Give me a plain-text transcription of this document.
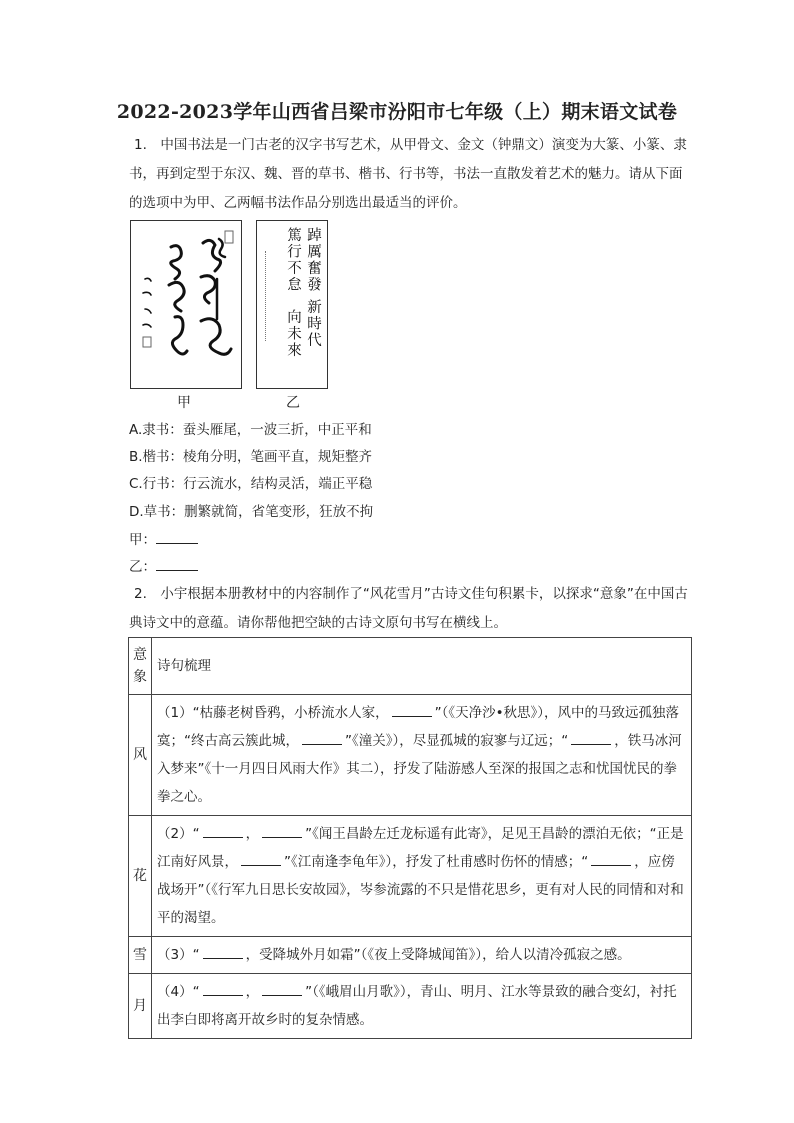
2022-2023学年山西省吕梁市汾阳市七年级（上）期末语文试卷
1.　中国书法是一门古老的汉字书写艺术，从甲骨文、金文（钟鼎文）演变为大篆、小篆、隶书，再到定型于东汉、魏、晋的草书、楷书、行书等，书法一直散发着艺术的魅力。请从下面的选项中为甲、乙两幅书法作品分别选出最适当的评价。
踔厲奮發
新時代
篤行不怠
向未來
甲	乙
A.隶书：蚕头雁尾，一波三折，中正平和
B.楷书：棱角分明，笔画平直，规矩整齐
C.行书：行云流水，结构灵活，端正平稳
D.草书：删繁就简，省笔变形，狂放不拘
甲：
乙：
2.　小宇根据本册教材中的内容制作了“风花雪月”古诗文佳句积累卡，以探求“意象”在中国古典诗文中的意蕴。请你帮他把空缺的古诗文原句书写在横线上。
意象	诗句梳理
风	（1）“枯藤老树昏鸦，小桥流水人家， ”（《天净沙•秋思》），风中的马致远孤独落寞；“终古高云簇此城， ”《潼关》），尽显孤城的寂寥与辽远；“ ，铁马冰河入梦来”《十一月四日风雨大作》其二），抒发了陆游感人至深的报国之志和忧国忧民的拳拳之心。
花	（2）“ ， ”《闻王昌龄左迁龙标遥有此寄》，足见王昌龄的漂泊无依；“正是江南好风景， ”《江南逢李龟年》），抒发了杜甫感时伤怀的情感；“ ，应傍战场开”（《行军九日思长安故园》，岑参流露的不只是惜花思乡，更有对人民的同情和对和平的渴望。
雪	（3）“ ，受降城外月如霜”（《夜上受降城闻笛》），给人以清冷孤寂之感。
月	（4）“ ， ”（《峨眉山月歌》），青山、明月、江水等景致的融合变幻，衬托出李白即将离开故乡时的复杂情感。
